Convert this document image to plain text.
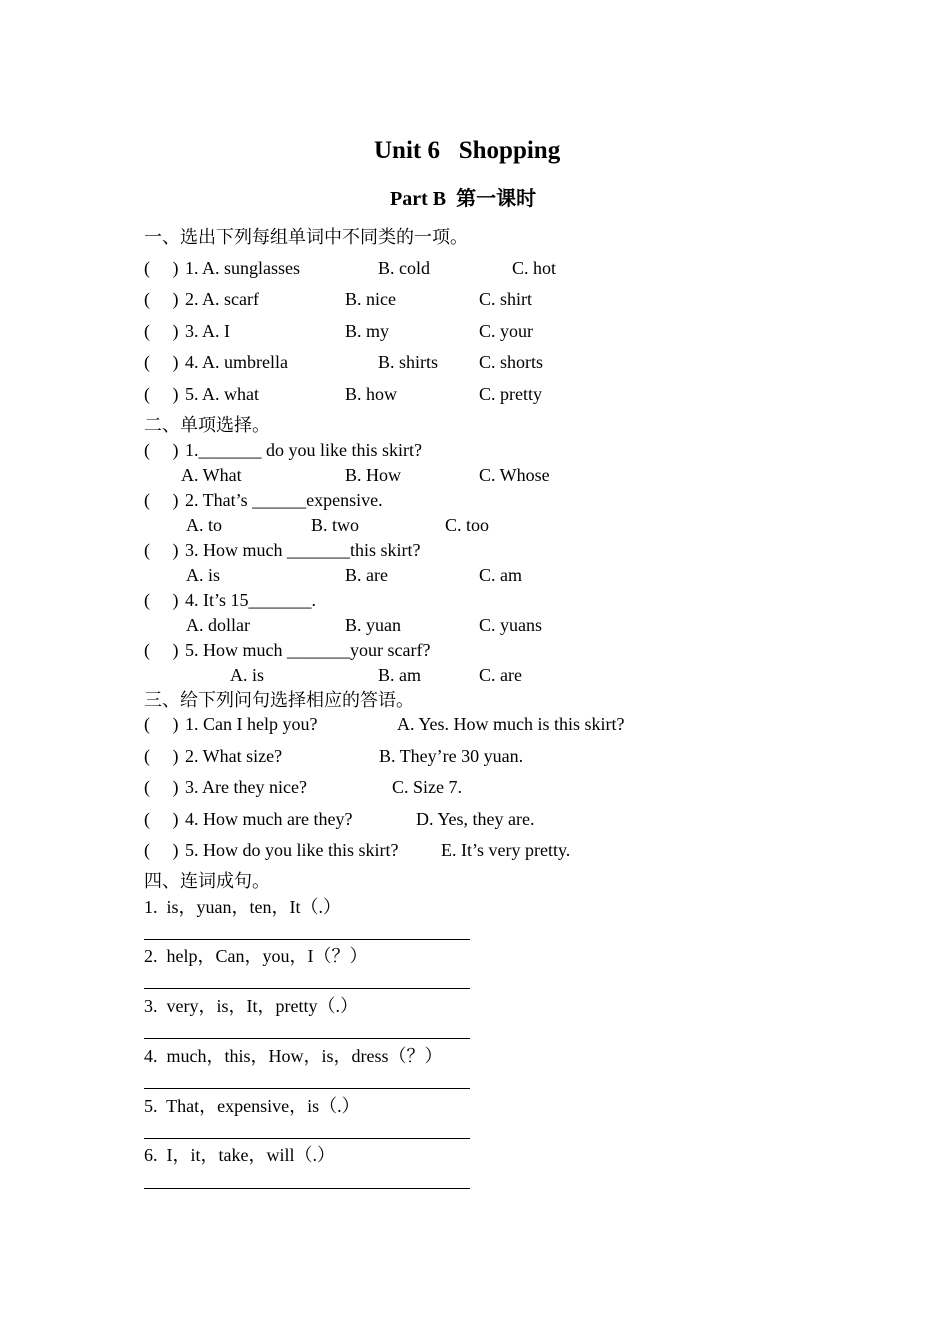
Unit 6   Shopping
Part B  第一课时
一、选出下列每组单词中不同类的一项。
(     ) 1. A. sunglasses	B. cold	C. hot
(     ) 2. A. scarf	B. nice	C. shirt
(     ) 3. A. I	B. my	C. your
(     ) 4. A. umbrella	B. shirts C. shorts
(     ) 5. A. what	B. how	C. pretty
二、单项选择。
(     ) 1._______ do you like this skirt?
A. What	B. How	C. Whose
(     ) 2. That’s ______expensive.
A. to	B. two	C. too
(     ) 3. How much _______this skirt?
A. is	B. are	C. am
(     ) 4. It’s 15_______.
A. dollar	B. yuan	C. yuans
(     ) 5. How much _______your scarf?
A. is	B. am	C. are
三、给下列问句选择相应的答语。
(     ) 1. Can I help you?	A. Yes. How much is this skirt?
(     ) 2. What size?	B. They’re 30 yuan.
(     ) 3. Are they nice?	C. Size 7.
(     ) 4. How much are they?	D. Yes, they are.
(     ) 5. How do you like this skirt? E. It’s very pretty.
四、连词成句。
1.  is，yuan，ten，It（.）
2.  help，Can，you，I（？）
3.  very，is，It，pretty（.）
4.  much，this，How，is，dress（？）
5.  That，expensive，is（.）
6.  I，it，take，will（.）
